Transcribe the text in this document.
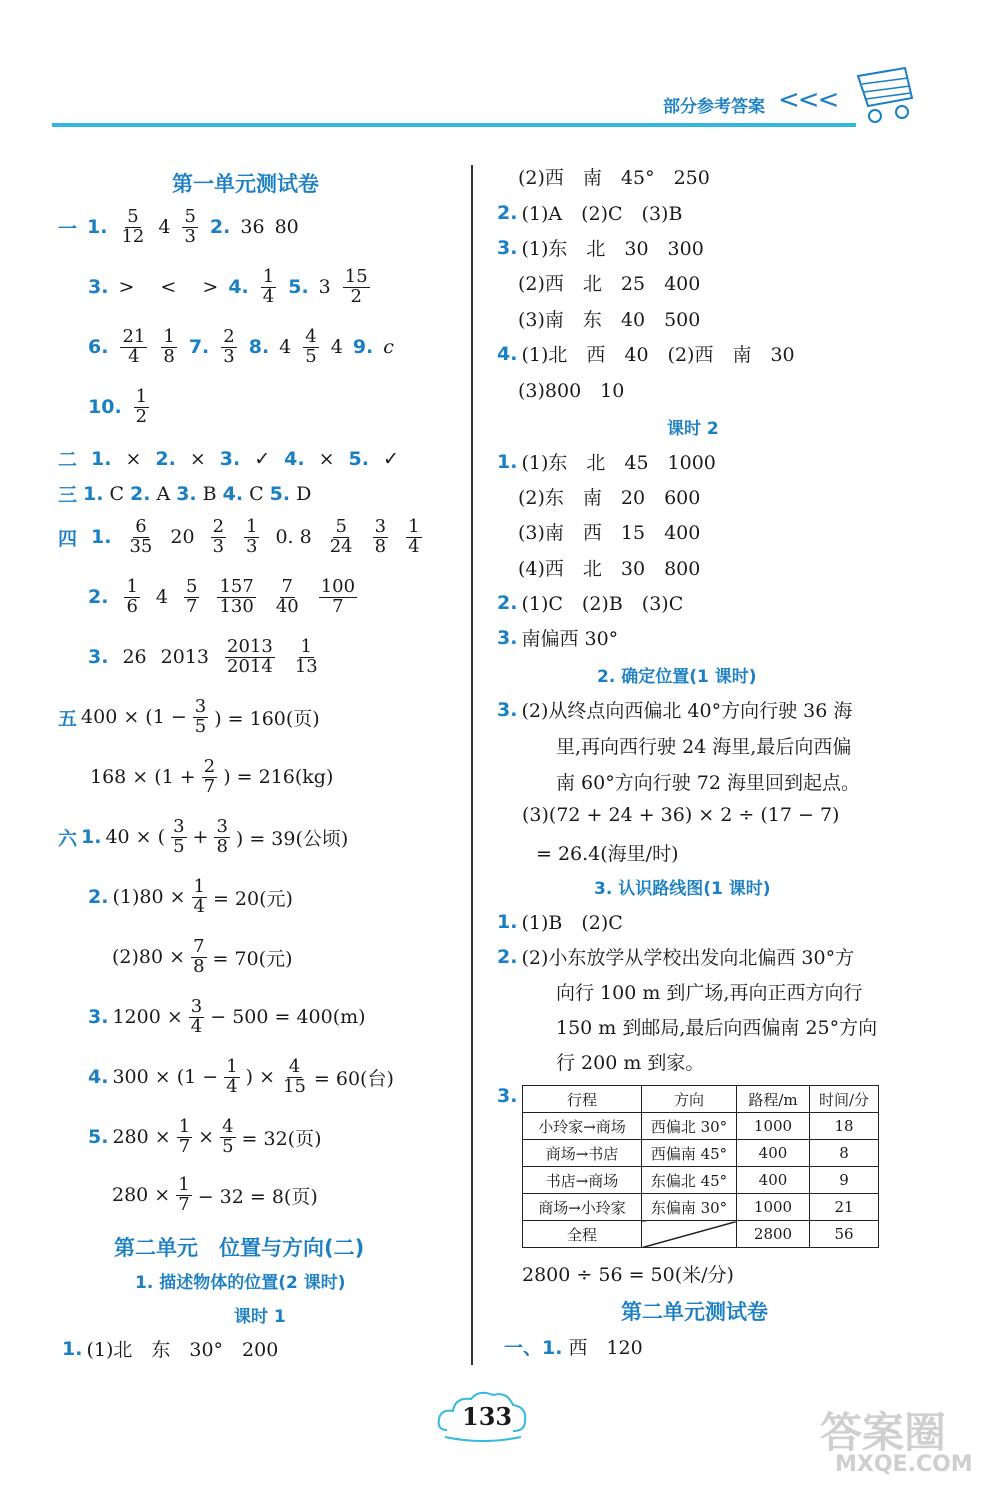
部分参考答案 <<<
第一单元测试卷
一 1. $\frac{5}{12} 4 \frac{5}{3} 2$. 36 80
3. >
<
> 4. $\frac{1}{4} 5$. $3 \frac{15}{2}$
6. $\frac{21}{4} \frac{1}{8} 7$. $\frac{2}{3} 8$. $4 \frac{4}{5} 4$ 9. c
10. $\frac{1}{2}$
二 1. × 2. × 3. ✓ 4. × 5. ✓
三 1. C 2. A 3. B 4. C 5. D
四 1. $\frac{6}{35} 20 \frac{2}{3} \frac{1}{3} 0$. $8 \frac{5}{24} \frac{3}{8} \frac{1}{4}$
2. $\frac{1}{6} 4 \frac{5}{7} \frac{157}{130} \frac{7}{40} \frac{100}{7}$
3. 26 $2013 \frac{2013}{2014} \frac{1}{13}$
五 $400 \times (1 - \frac{3}{5}$ ) = 160(页)
$168 \times (1 + \frac{2}{7}$ ) = 216(kg)
六 1. 40 × ( $\frac{3}{5} + \frac{3}{8}$ ) = 39(公顷)
2. $(1)80 \times \frac{1}{4} = 20$(元)
$(2)80 \times \frac{7}{8} = 70$(元)
3. $1200 \times \frac{3}{4} - 500 = 400(m)$
4. $300 \times (1 - \frac{1}{4}$ ) × $\frac{4}{15} = 60$(台)
5. $280 \times \frac{1}{7} \times \frac{4}{5} = 32$(页)
$280 \times \frac{1}{7} - 32 = 8$(页)
第二单元　位置与方向(二)
1. 描述物体的位置(2 课时)
课时 1
1. (1)北　东　30°　200
(2)西　南　45°　250
2. (1)A　(2)C　(3)B
3. (1)东　北　30　300
(2)西　北　25　400
(3)南　东　40　500
4. (1)北　西　40　(2)西　南　30
(3)800　10
课时 2
1. (1)东　北　45　1000
(2)东　南　20　600
(3)南　西　15　400
(4)西　北　30　800
2. (1)C　(2)B　(3)C
3. 南偏西 30°
2. 确定位置(1 课时)
3. (2)从终点向西偏北 40°方向行驶 36 海
里,再向西行驶 24 海里,最后向西偏
南 60°方向行驶 72 海里回到起点。
(3)(72 + 24 + 36) × 2 ÷ (17 − 7)
= 26.4(海里/时)
3. 认识路线图(1 课时)
1. (1)B　(2)C
2. (2)小东放学从学校出发向北偏西 30°方
向行 100 m 到广场,再向正西方向行
150 m 到邮局,最后向西偏南 25°方向
行 200 m 到家。
3.	行程	方向	路程/m	时间/分
小玲家→商场	西偏北 30°	1000	18
商场→书店	西偏南 45°	400	8
书店→商场	东偏北 45°	400	9
商场→小玲家	东偏南 30°	1000	21
全程		2800	56
2800 ÷ 56 = 50(米/分)
第二单元测试卷
一、1. 西　120
133	答案圈
MXQE.COM
